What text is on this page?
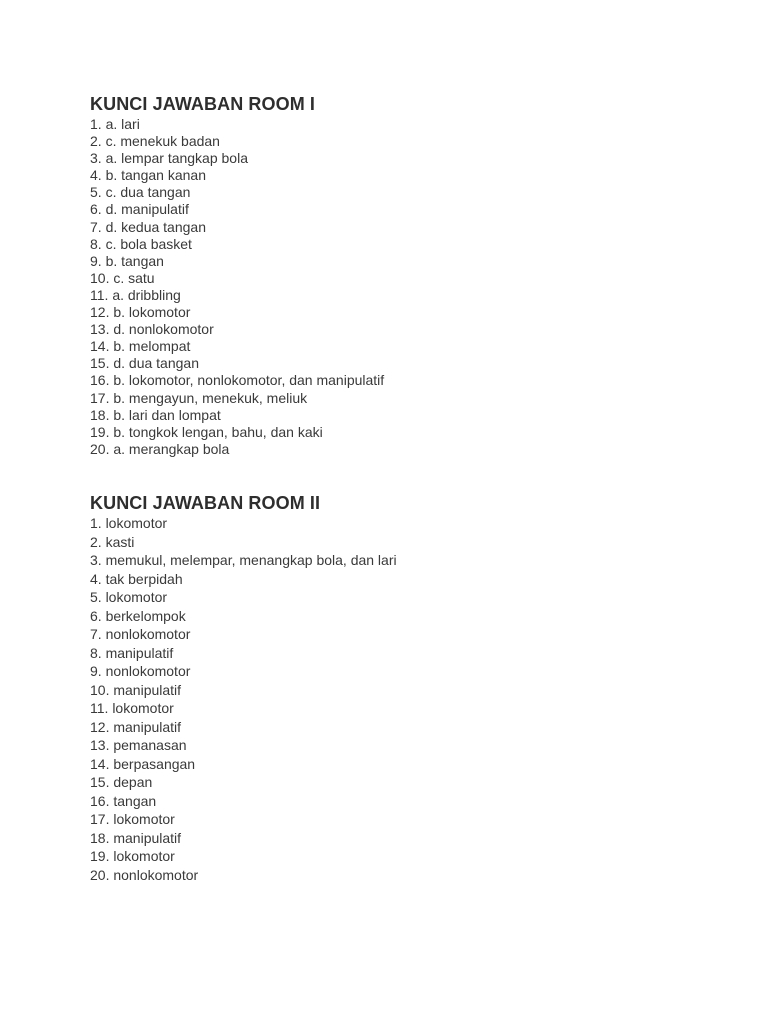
KUNCI JAWABAN ROOM I
1. a. lari
2. c. menekuk badan
3. a. lempar tangkap bola
4. b. tangan kanan
5. c. dua tangan
6. d. manipulatif
7. d. kedua tangan
8. c. bola basket
9. b. tangan
10. c. satu
11. a. dribbling
12. b. lokomotor
13. d. nonlokomotor
14. b. melompat
15. d. dua tangan
16. b. lokomotor, nonlokomotor, dan manipulatif
17. b. mengayun, menekuk, meliuk
18. b. lari dan lompat
19. b. tongkok lengan, bahu, dan kaki
20. a. merangkap bola
KUNCI JAWABAN ROOM II
1. lokomotor
2. kasti
3. memukul, melempar, menangkap bola, dan lari
4. tak berpidah
5. lokomotor
6. berkelompok
7. nonlokomotor
8. manipulatif
9. nonlokomotor
10. manipulatif
11. lokomotor
12. manipulatif
13. pemanasan
14. berpasangan
15. depan
16. tangan
17. lokomotor
18. manipulatif
19. lokomotor
20. nonlokomotor
